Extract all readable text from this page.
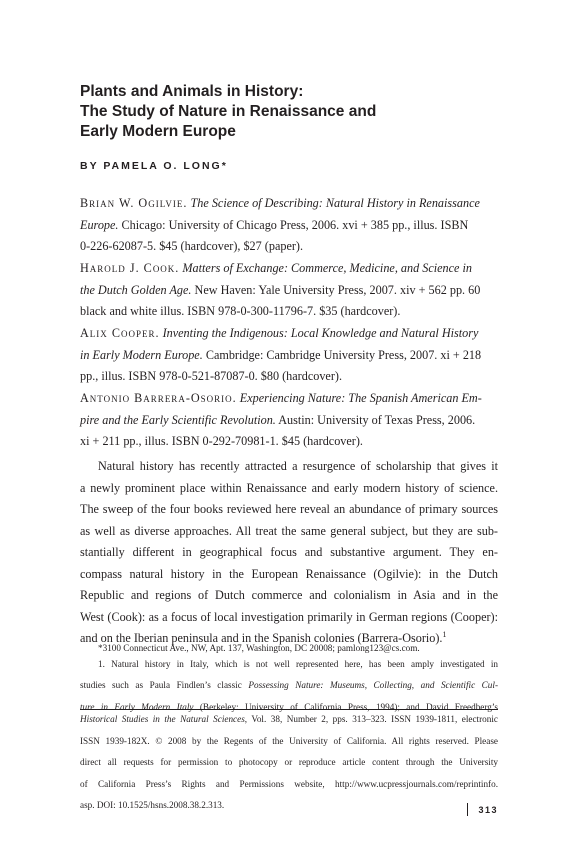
Plants and Animals in History:
The Study of Nature in Renaissance and
Early Modern Europe
BY PAMELA O. LONG*
Brian W. Ogilvie. The Science of Describing: Natural History in Renaissance
Europe. Chicago: University of Chicago Press, 2006. xvi + 385 pp., illus. ISBN
0-226-62087-5. $45 (hardcover), $27 (paper).
Harold J. Cook. Matters of Exchange: Commerce, Medicine, and Science in
the Dutch Golden Age. New Haven: Yale University Press, 2007. xiv + 562 pp. 60
black and white illus. ISBN 978-0-300-11796-7. $35 (hardcover).
Alix Cooper. Inventing the Indigenous: Local Knowledge and Natural History
in Early Modern Europe. Cambridge: Cambridge University Press, 2007. xi + 218
pp., illus. ISBN 978-0-521-87087-0. $80 (hardcover).
Antonio Barrera-Osorio. Experiencing Nature: The Spanish American Em-
pire and the Early Scientific Revolution. Austin: University of Texas Press, 2006.
xi + 211 pp., illus. ISBN 0-292-70981-1. $45 (hardcover).
Natural history has recently attracted a resurgence of scholarship that gives it
a newly prominent place within Renaissance and early modern history of science.
The sweep of the four books reviewed here reveal an abundance of primary sources
as well as diverse approaches. All treat the same general subject, but they are sub-
stantially different in geographical focus and substantive argument. They en-
compass natural history in the European Renaissance (Ogilvie): in the Dutch
Republic and regions of Dutch commerce and colonialism in Asia and in the
West (Cook): as a focus of local investigation primarily in German regions (Cooper):
and on the Iberian peninsula and in the Spanish colonies (Barrera-Osorio).$^1$
*3100 Connecticut Ave., NW, Apt. 137, Washington, DC 20008; pamlong123@cs.com.
1. Natural history in Italy, which is not well represented here, has been amply investigated in
studies such as Paula Findlen’s classic Possessing Nature: Museums, Collecting, and Scientific Cul-
ture in Early Modern Italy (Berkeley: University of California Press, 1994); and David Freedberg’s
Historical Studies in the Natural Sciences, Vol. 38, Number 2, pps. 313–323. ISSN 1939-1811, electronic
ISSN 1939-182X. © 2008 by the Regents of the University of California. All rights reserved. Please
direct all requests for permission to photocopy or reproduce article content through the University
of California Press’s Rights and Permissions website, http://www.ucpressjournals.com/reprintinfo.
asp. DOI: 10.1525/hsns.2008.38.2.313.	313
